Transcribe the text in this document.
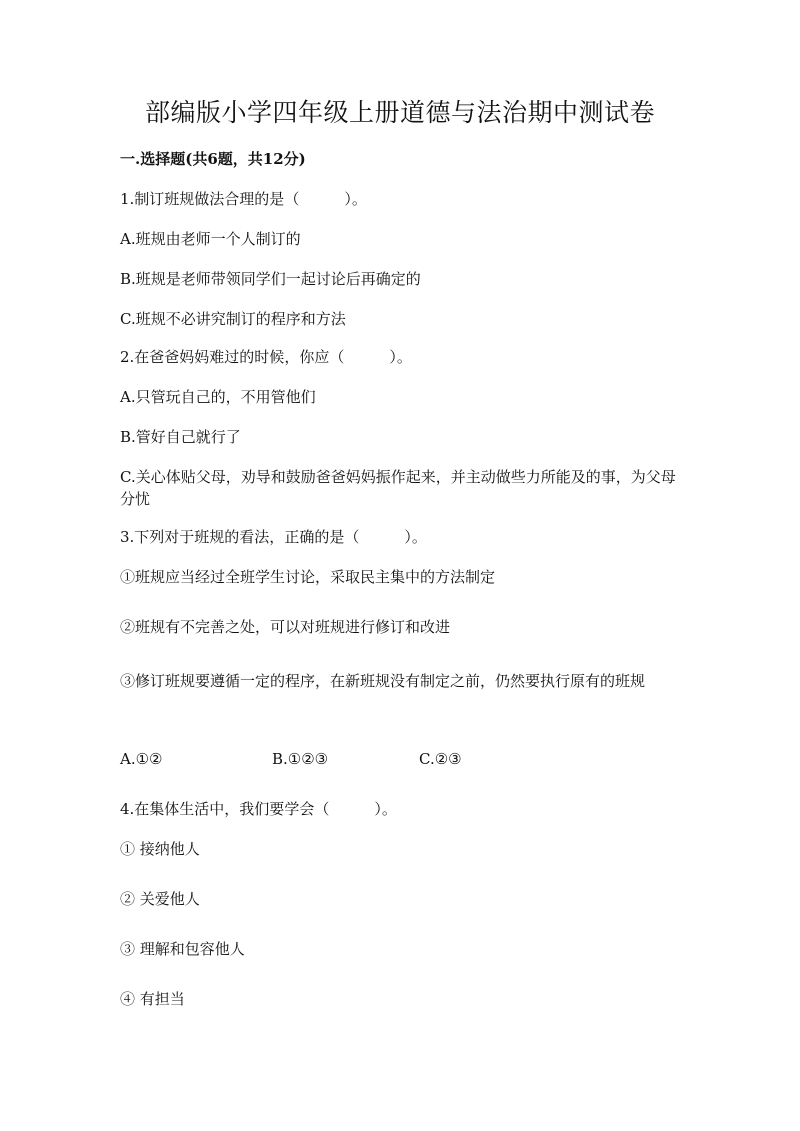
部编版小学四年级上册道德与法治期中测试卷
一.选择题(共6题，共12分)
1.制订班规做法合理的是（　　　）。
A.班规由老师一个人制订的
B.班规是老师带领同学们一起讨论后再确定的
C.班规不必讲究制订的程序和方法
2.在爸爸妈妈难过的时候，你应（　　　）。
A.只管玩自己的，不用管他们
B.管好自己就行了
C.关心体贴父母，劝导和鼓励爸爸妈妈振作起来，并主动做些力所能及的事，为父母分忧
3.下列对于班规的看法，正确的是（　　　）。
①班规应当经过全班学生讨论，采取民主集中的方法制定
②班规有不完善之处，可以对班规进行修订和改进
③修订班规要遵循一定的程序，在新班规没有制定之前，仍然要执行原有的班规
A.①②	B.①②③	C.②③
4.在集体生活中，我们要学会（　　　）。
① 接纳他人
② 关爱他人
③ 理解和包容他人
④ 有担当
